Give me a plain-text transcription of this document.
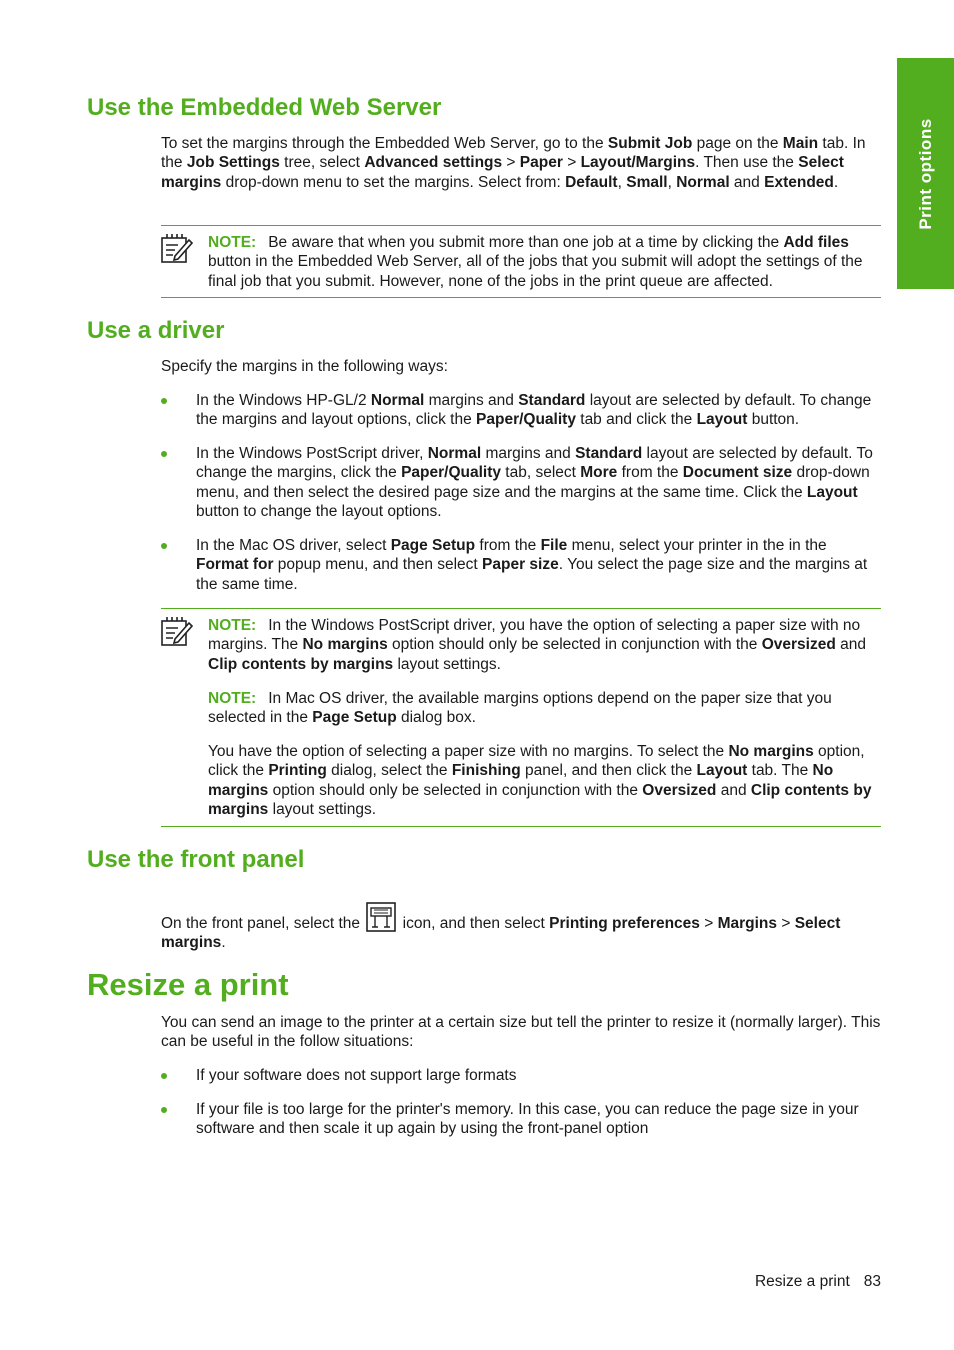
Print options
Use the Embedded Web Server

To set the margins through the Embedded Web Server, go to the Submit Job page on the Main tab. In the Job Settings tree, select Advanced settings > Paper > Layout/Margins. Then use the Select margins drop-down menu to set the margins. Select from: Default, Small, Normal and Extended.

NOTE: Be aware that when you submit more than one job at a time by clicking the Add files button in the Embedded Web Server, all of the jobs that you submit will adopt the settings of the final job that you submit. However, none of the jobs in the print queue are affected.

Use a driver

Specify the margins in the following ways:

In the Windows HP-GL/2 Normal margins and Standard layout are selected by default. To change the margins and layout options, click the Paper/Quality tab and click the Layout button.
In the Windows PostScript driver, Normal margins and Standard layout are selected by default. To change the margins, click the Paper/Quality tab, select More from the Document size drop-down menu, and then select the desired page size and the margins at the same time. Click the Layout button to change the layout options.
In the Mac OS driver, select Page Setup from the File menu, select your printer in the in the Format for popup menu, and then select Paper size. You select the page size and the margins at the same time.

NOTE: In the Windows PostScript driver, you have the option of selecting a paper size with no margins. The No margins option should only be selected in conjunction with the Oversized and Clip contents by margins layout settings.

NOTE: In Mac OS driver, the available margins options depend on the paper size that you selected in the Page Setup dialog box.

You have the option of selecting a paper size with no margins. To select the No margins option, click the Printing dialog, select the Finishing panel, and then click the Layout tab. The No margins option should only be selected in conjunction with the Oversized and Clip contents by margins layout settings.

Use the front panel

On the front panel, select the  icon, and then select Printing preferences > Margins > Select margins.

Resize a print

You can send an image to the printer at a certain size but tell the printer to resize it (normally larger). This can be useful in the follow situations:

If your software does not support large formats
If your file is too large for the printer's memory. In this case, you can reduce the page size in your software and then scale it up again by using the front-panel option
Resize a print 83
